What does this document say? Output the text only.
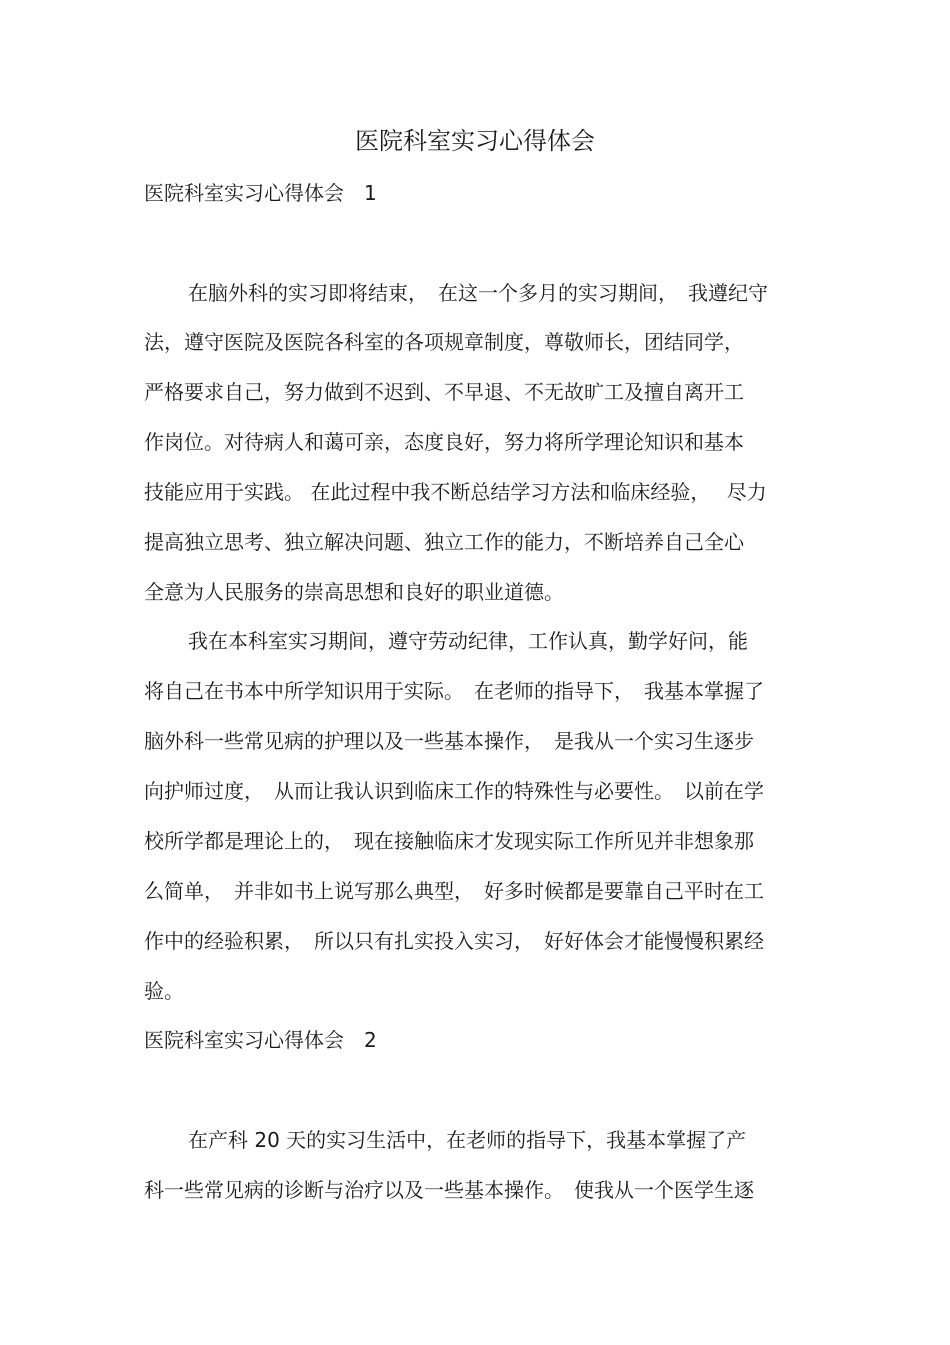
医院科室实习心得体会
医院科室实习心得体会　1
在脑外科的实习即将结束，　在这一个多月的实习期间，　我遵纪守
法，遵守医院及医院各科室的各项规章制度，尊敬师长，团结同学，
严格要求自己，努力做到不迟到、不早退、不无故旷工及擅自离开工
作岗位。对待病人和蔼可亲，态度良好，努力将所学理论知识和基本
技能应用于实践。 在此过程中我不断总结学习方法和临床经验，　 尽力
提高独立思考、独立解决问题、独立工作的能力，不断培养自己全心
全意为人民服务的崇高思想和良好的职业道德。
我在本科室实习期间，遵守劳动纪律，工作认真，勤学好问，能
将自己在书本中所学知识用于实际。　在老师的指导下，　我基本掌握了
脑外科一些常见病的护理以及一些基本操作，　是我从一个实习生逐步
向护师过度，　从而让我认识到临床工作的特殊性与必要性。　以前在学
校所学都是理论上的，　现在接触临床才发现实际工作所见并非想象那
么简单，　并非如书上说写那么典型，　好多时候都是要靠自己平时在工
作中的经验积累，　所以只有扎实投入实习，　好好体会才能慢慢积累经
验。
医院科室实习心得体会　2
在产科 20 天的实习生活中，在老师的指导下，我基本掌握了产
科一些常见病的诊断与治疗以及一些基本操作。　使我从一个医学生逐
